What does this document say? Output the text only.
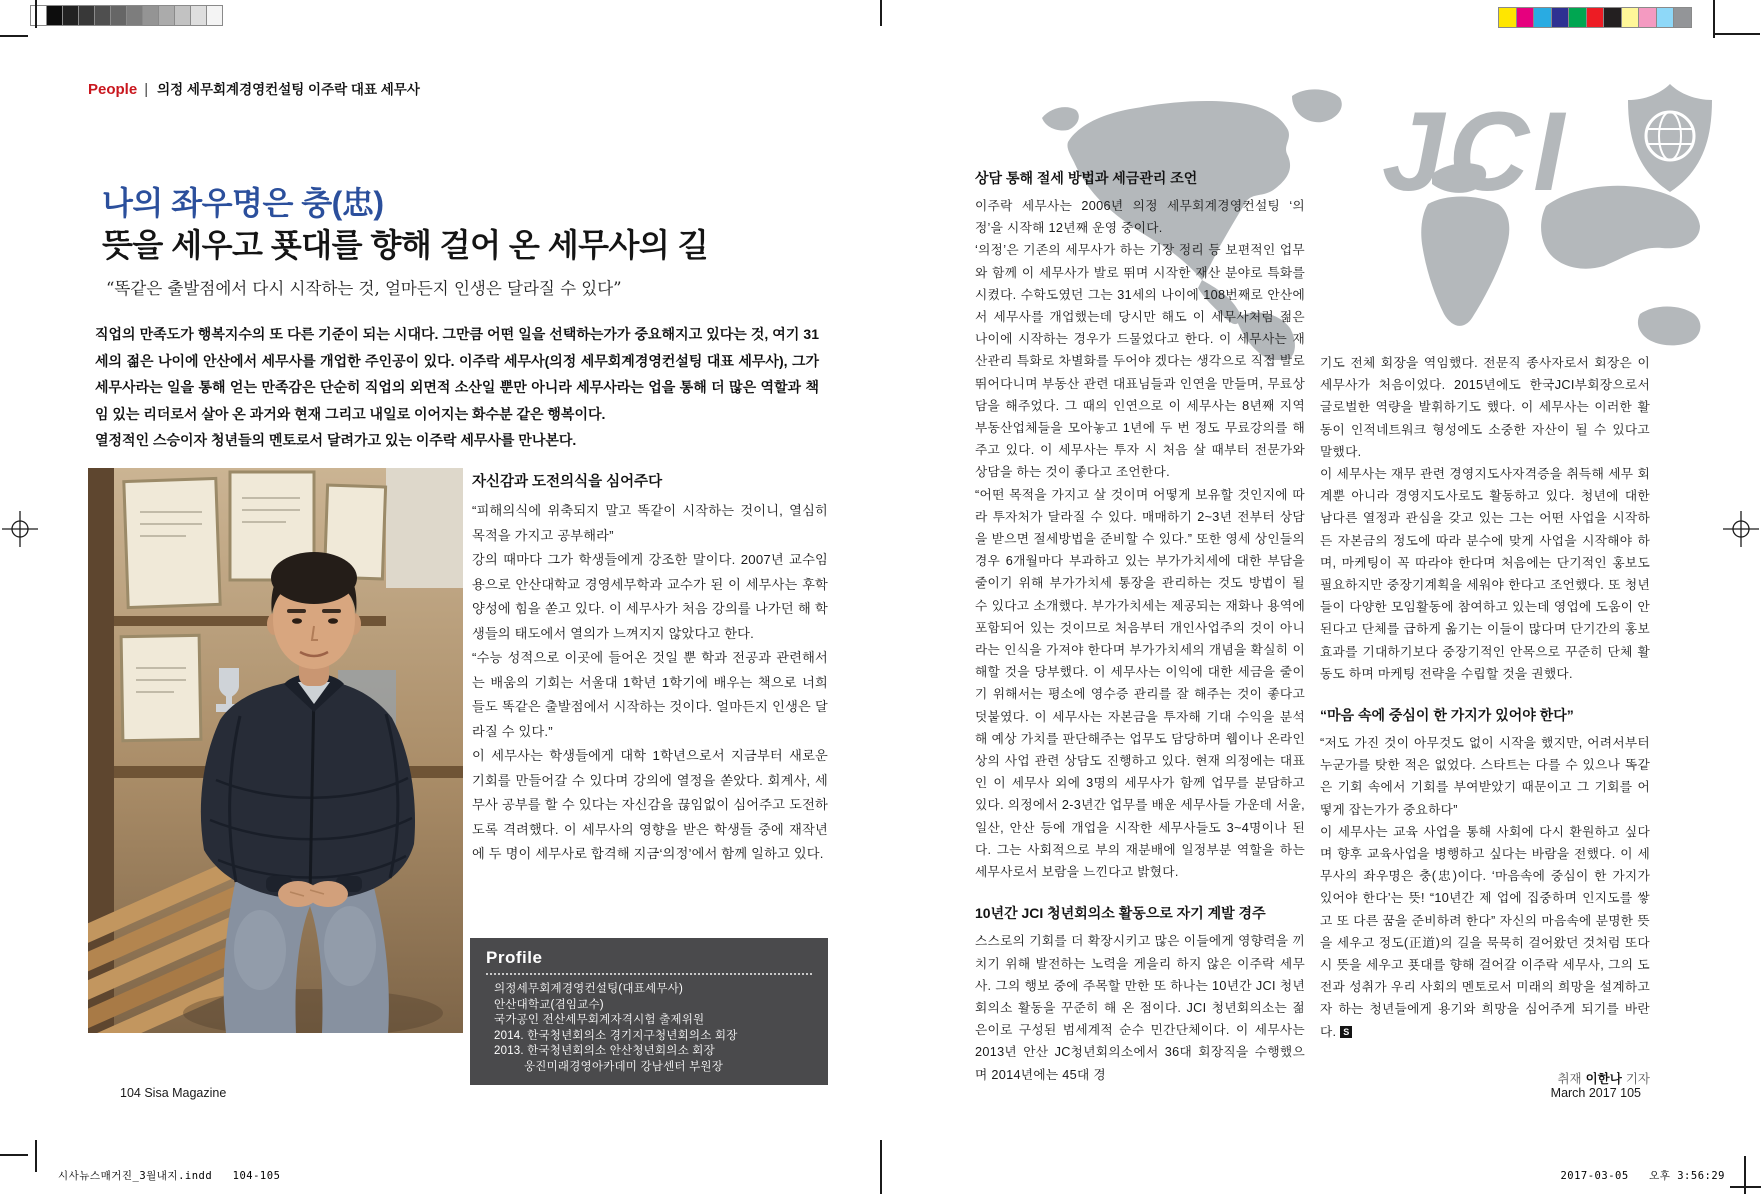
시사뉴스매거진_3월내지.indd   104-105	2017-03-05   오후 3:56:29
People | 의정 세무회계경영컨설팅 이주락 대표 세무사
나의 좌우명은 충(忠)
뜻을 세우고 푯대를 향해 걸어 온 세무사의 길
“똑같은 출발점에서 다시 시작하는 것, 얼마든지 인생은 달라질 수 있다”

직업의 만족도가 행복지수의 또 다른 기준이 되는 시대다. 그만큼 어떤 일을 선택하는가가 중요해지고 있다는 것, 여기 31세의 젊은 나이에 안산에서 세무사를 개업한 주인공이 있다. 이주락 세무사(의정 세무회계경영컨설팅 대표 세무사), 그가 세무사라는 일을 통해 얻는 만족감은 단순히 직업의 외면적 소산일 뿐만 아니라 세무사라는 업을 통해 더 많은 역할과 책임 있는 리더로서 살아 온 과거와 현재 그리고 내일로 이어지는 화수분 같은 행복이다.

열정적인 스승이자 청년들의 멘토로서 달려가고 있는 이주락 세무사를 만나본다.

자신감과 도전의식을 심어주다

“피해의식에 위축되지 말고 똑같이 시작하는 것이니, 열심히 목적을 가지고 공부해라”

강의 때마다 그가 학생들에게 강조한 말이다. 2007년 교수임용으로 안산대학교 경영세무학과 교수가 된 이 세무사는 후학양성에 힘을 쏟고 있다. 이 세무사가 처음 강의를 나가던 해 학생들의 태도에서 열의가 느껴지지 않았다고 한다.

“수능 성적으로 이곳에 들어온 것일 뿐 학과 전공과 관련해서는 배움의 기회는 서울대 1학년 1학기에 배우는 책으로 너희들도 똑같은 출발점에서 시작하는 것이다. 얼마든지 인생은 달라질 수 있다.”

이 세무사는 학생들에게 대학 1학년으로서 지금부터 새로운 기회를 만들어갈 수 있다며 강의에 열정을 쏟았다. 회계사, 세무사 공부를 할 수 있다는 자신감을 끊임없이 심어주고 도전하도록 격려했다. 이 세무사의 영향을 받은 학생들 중에 재작년에 두 명이 세무사로 합격해 지금‘의정’에서 함께 일하고 있다.

Profile
의정세무회계경영컨설팅(대표세무사)
안산대학교(겸임교수)
국가공인 전산세무회계자격시험 출제위원
2014. 한국청년회의소 경기지구청년회의소 회장
2013. 한국청년회의소 안산청년회의소 회장
웅진미래경영아카데미 강남센터 부원장
104 Sisa Magazine
JCI
상담 통해 절세 방법과 세금관리 조언

이주락 세무사는 2006년 의정 세무회계경영컨설팅 ‘의정’을 시작해 12년째 운영 중이다.

‘의정’은 기존의 세무사가 하는 기장 정리 등 보편적인 업무와 함께 이 세무사가 발로 뛰며 시작한 재산 분야로 특화를 시켰다. 수학도였던 그는 31세의 나이에 108번째로 안산에서 세무사를 개업했는데 당시만 해도 이 세무사처럼 젊은 나이에 시작하는 경우가 드물었다고 한다. 이 세무사는 재산관리 특화로 차별화를 두어야 겠다는 생각으로 직접 발로 뛰어다니며 부동산 관련 대표님들과 인연을 만들며, 무료상담을 해주었다. 그 때의 인연으로 이 세무사는 8년째 지역 부동산업체들을 모아놓고 1년에 두 번 정도 무료강의를 해주고 있다. 이 세무사는 투자 시 처음 살 때부터 전문가와 상담을 하는 것이 좋다고 조언한다.

“어떤 목적을 가지고 살 것이며 어떻게 보유할 것인지에 따라 투자처가 달라질 수 있다. 매매하기 2~3년 전부터 상담을 받으면 절세방법을 준비할 수 있다.” 또한 영세 상인들의 경우 6개월마다 부과하고 있는 부가가치세에 대한 부담을 줄이기 위해 부가가치세 통장을 관리하는 것도 방법이 될 수 있다고 소개했다. 부가가치세는 제공되는 재화나 용역에 포함되어 있는 것이므로 처음부터 개인사업주의 것이 아니라는 인식을 가져야 한다며 부가가치세의 개념을 확실히 이해할 것을 당부했다. 이 세무사는 이익에 대한 세금을 줄이기 위해서는 평소에 영수증 관리를 잘 해주는 것이 좋다고 덧붙였다. 이 세무사는 자본금을 투자해 기대 수익을 분석해 예상 가치를 판단해주는 업무도 담당하며 웹이나 온라인상의 사업 관련 상담도 진행하고 있다. 현재 의정에는 대표인 이 세무사 외에 3명의 세무사가 함께 업무를 분담하고 있다. 의정에서 2-3년간 업무를 배운 세무사들 가운데 서울, 일산, 안산 등에 개업을 시작한 세무사들도 3~4명이나 된다. 그는 사회적으로 부의 재분배에 일정부분 역할을 하는 세무사로서 보람을 느낀다고 밝혔다.

10년간 JCI 청년회의소 활동으로 자기 계발 경주

스스로의 기회를 더 확장시키고 많은 이들에게 영향력을 끼치기 위해 발전하는 노력을 게을리 하지 않은 이주락 세무사. 그의 행보 중에 주목할 만한 또 하나는 10년간 JCI 청년회의소 활동을 꾸준히 해 온 점이다. JCI 청년회의소는 젊은이로 구성된 범세계적 순수 민간단체이다. 이 세무사는 2013년 안산 JC청년회의소에서 36대 회장직을 수행했으며 2014년에는 45대 경

기도 전체 회장을 역임했다. 전문직 종사자로서 회장은 이 세무사가 처음이었다. 2015년에도 한국JCI부회장으로서 글로벌한 역량을 발휘하기도 했다. 이 세무사는 이러한 활동이 인적네트워크 형성에도 소중한 자산이 될 수 있다고 말했다.

이 세무사는 재무 관련 경영지도사자격증을 취득해 세무 회계뿐 아니라 경영지도사로도 활동하고 있다. 청년에 대한 남다른 열정과 관심을 갖고 있는 그는 어떤 사업을 시작하든 자본금의 정도에 따라 분수에 맞게 사업을 시작해야 하며, 마케팅이 꼭 따라야 한다며 처음에는 단기적인 홍보도 필요하지만 중장기계획을 세워야 한다고 조언했다. 또 청년들이 다양한 모임활동에 참여하고 있는데 영업에 도움이 안 된다고 단체를 급하게 옮기는 이들이 많다며 단기간의 홍보효과를 기대하기보다 중장기적인 안목으로 꾸준히 단체 활동도 하며 마케팅 전략을 수립할 것을 권했다.

“마음 속에 중심이 한 가지가 있어야 한다”

“저도 가진 것이 아무것도 없이 시작을 했지만, 어려서부터 누군가를 탓한 적은 없었다. 스타트는 다를 수 있으나 똑같은 기회 속에서 기회를 부여받았기 때문이고 그 기회를 어떻게 잡는가가 중요하다”

이 세무사는 교육 사업을 통해 사회에 다시 환원하고 싶다며 향후 교육사업을 병행하고 싶다는 바람을 전했다. 이 세무사의 좌우명은 충(忠)이다. ‘마음속에 중심이 한 가지가 있어야 한다’는 뜻! “10년간 제 업에 집중하며 인지도를 쌓고 또 다른 꿈을 준비하려 한다” 자신의 마음속에 분명한 뜻을 세우고 정도(正道)의 길을 묵묵히 걸어왔던 것처럼 또다시 뜻을 세우고 푯대를 향해 걸어갈 이주락 세무사, 그의 도전과 성취가 우리 사회의 멘토로서 미래의 희망을 설계하고자 하는 청년들에게 용기와 희망을 심어주게 되기를 바란다. S

취재 이한나 기자
March 2017 105
